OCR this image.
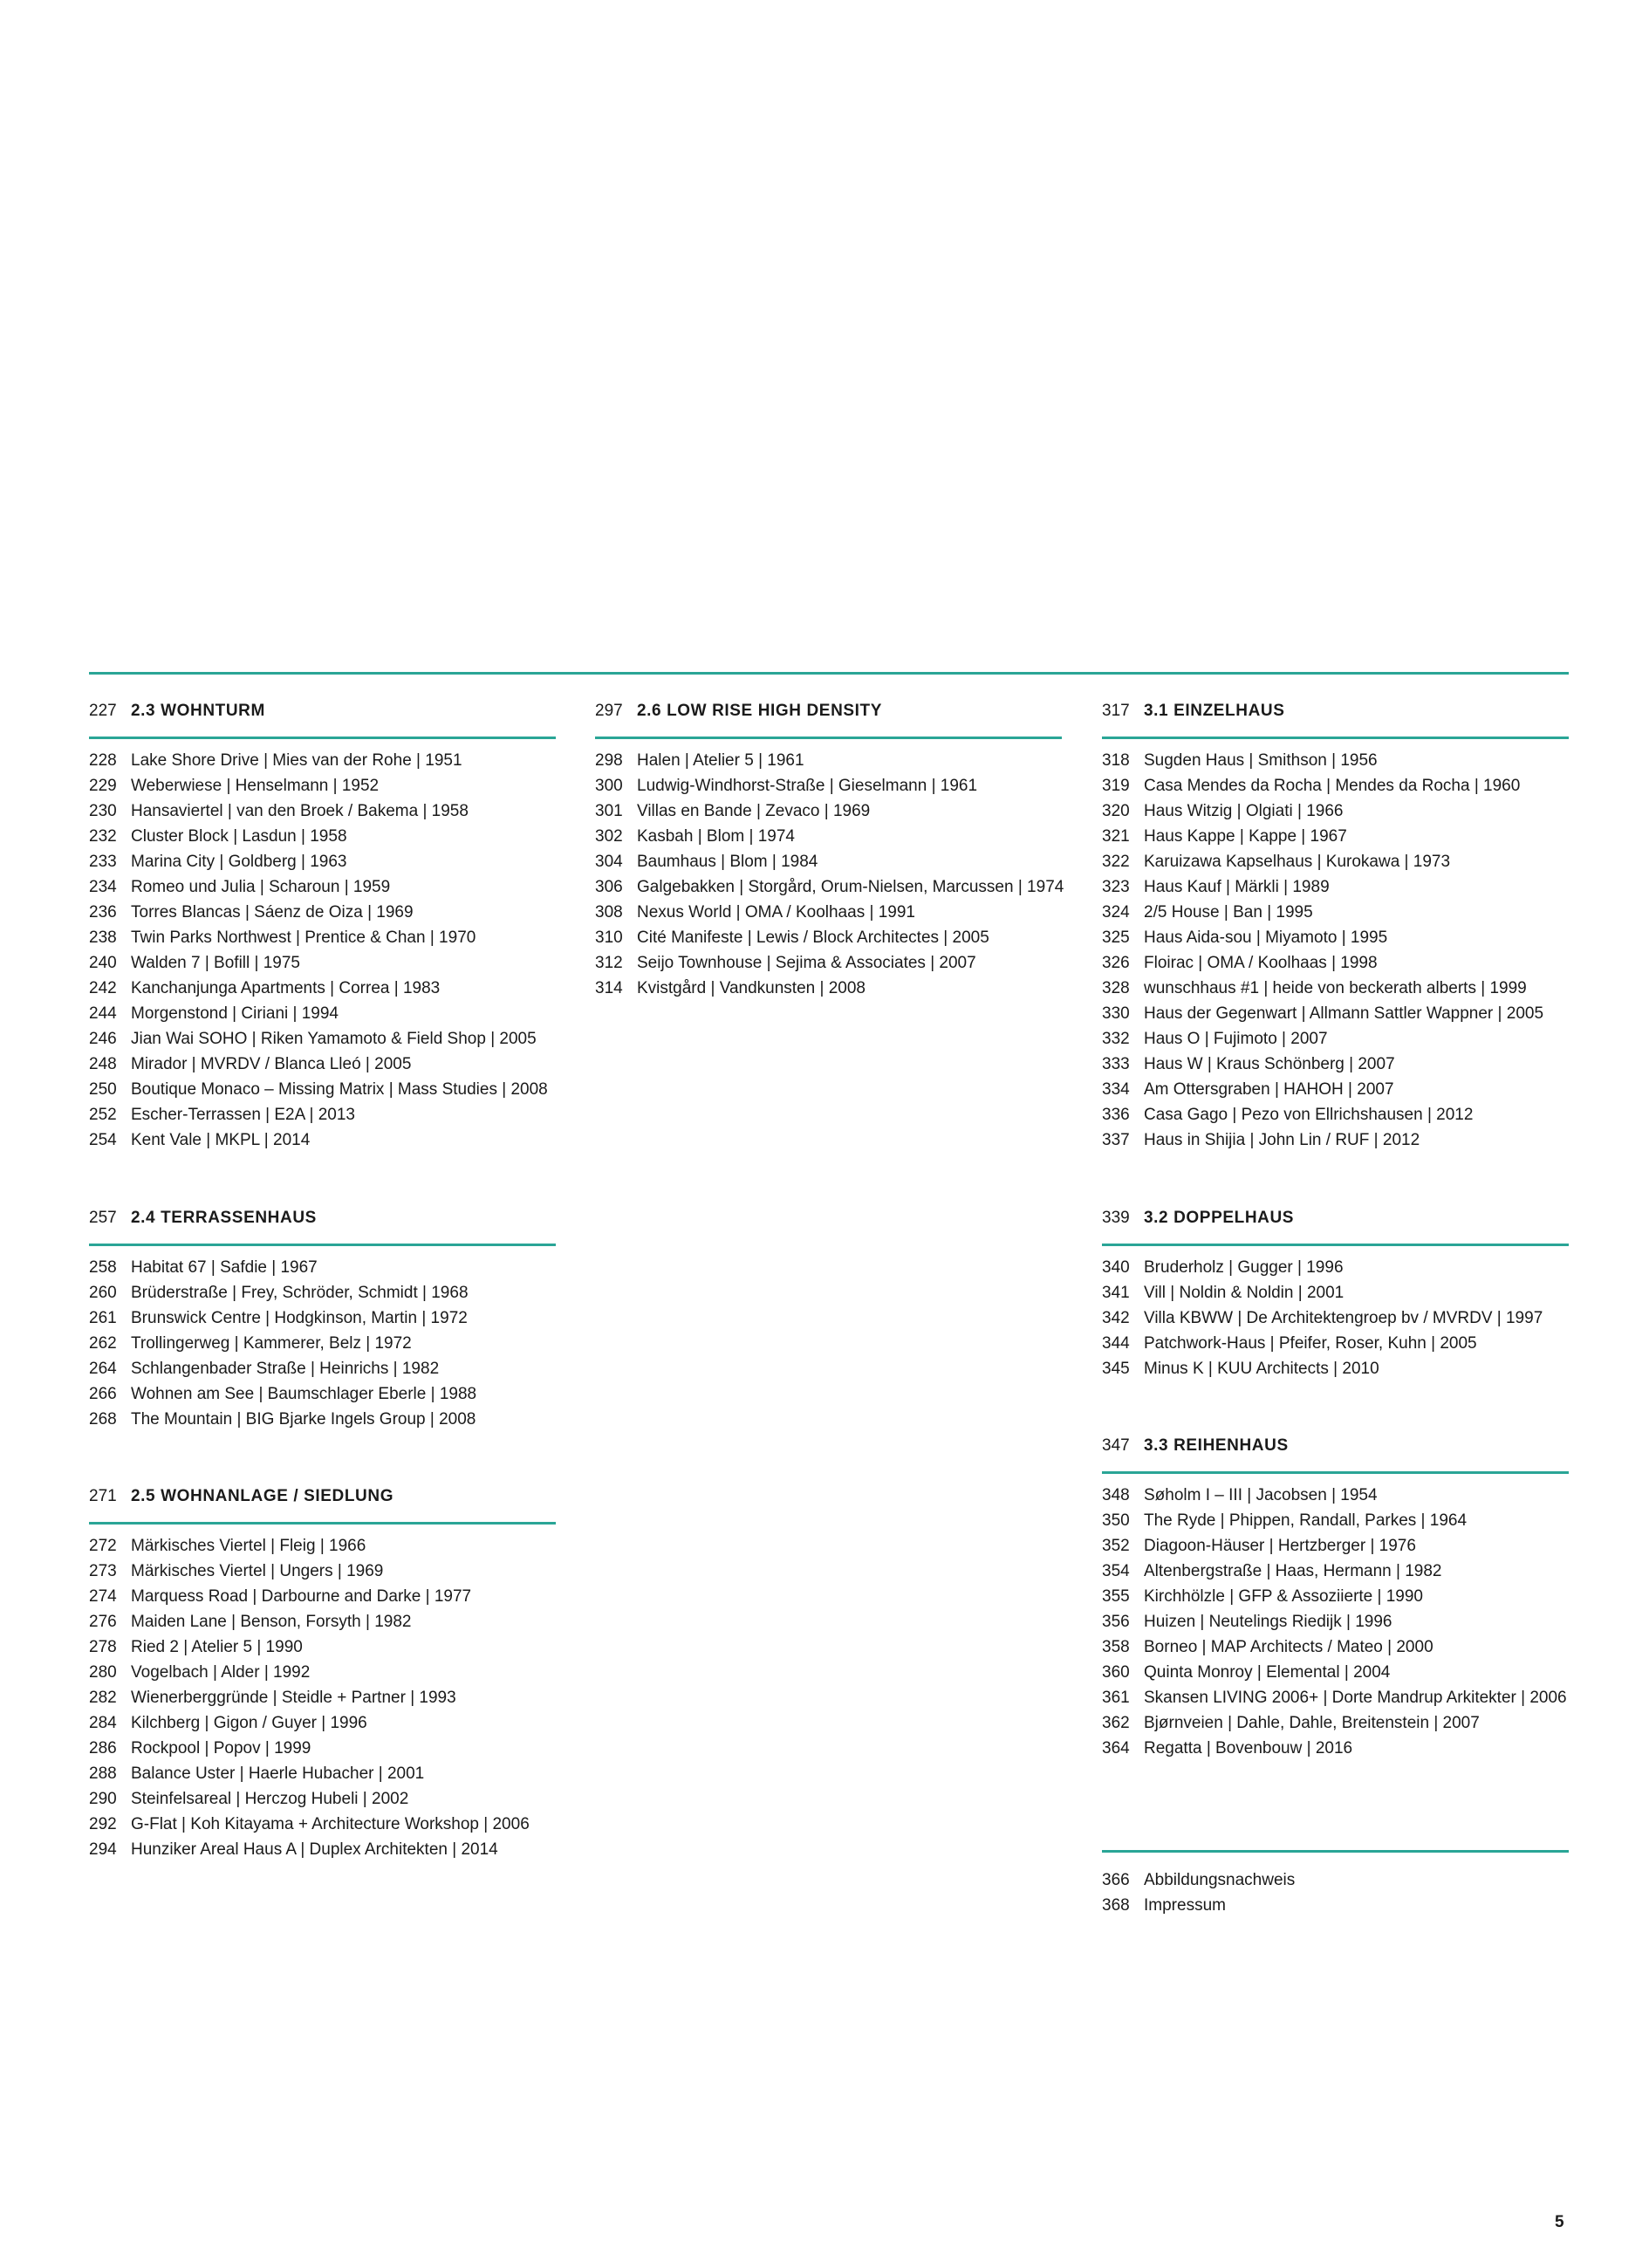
227 2.3 WOHNTURM
228 Lake Shore Drive | Mies van der Rohe | 1951
229 Weberwiese | Henselmann | 1952
230 Hansaviertel | van den Broek / Bakema | 1958
232 Cluster Block | Lasdun | 1958
233 Marina City | Goldberg | 1963
234 Romeo und Julia | Scharoun | 1959
236 Torres Blancas | Sáenz de Oiza | 1969
238 Twin Parks Northwest | Prentice & Chan | 1970
240 Walden 7 | Bofill | 1975
242 Kanchanjunga Apartments | Correa | 1983
244 Morgenstond | Ciriani | 1994
246 Jian Wai SOHO | Riken Yamamoto & Field Shop | 2005
248 Mirador | MVRDV / Blanca Lleó | 2005
250 Boutique Monaco – Missing Matrix | Mass Studies | 2008
252 Escher-Terrassen | E2A | 2013
254 Kent Vale | MKPL | 2014
257 2.4 TERRASSENHAUS
258 Habitat 67 | Safdie | 1967
260 Brüderstraße | Frey, Schröder, Schmidt | 1968
261 Brunswick Centre | Hodgkinson, Martin | 1972
262 Trollingerweg | Kammerer, Belz | 1972
264 Schlangenbader Straße | Heinrichs | 1982
266 Wohnen am See | Baumschlager Eberle | 1988
268 The Mountain | BIG Bjarke Ingels Group | 2008
271 2.5 WOHNANLAGE / SIEDLUNG
272 Märkisches Viertel | Fleig | 1966
273 Märkisches Viertel | Ungers | 1969
274 Marquess Road | Darbourne and Darke | 1977
276 Maiden Lane | Benson, Forsyth | 1982
278 Ried 2 | Atelier 5 | 1990
280 Vogelbach | Alder | 1992
282 Wienerberggründe | Steidle + Partner | 1993
284 Kilchberg | Gigon / Guyer | 1996
286 Rockpool | Popov | 1999
288 Balance Uster | Haerle Hubacher | 2001
290 Steinfelsareal | Herczog Hubeli | 2002
292 G-Flat | Koh Kitayama + Architecture Workshop | 2006
294 Hunziker Areal Haus A | Duplex Architekten | 2014
297 2.6 LOW RISE HIGH DENSITY
298 Halen | Atelier 5 | 1961
300 Ludwig-Windhorst-Straße | Gieselmann | 1961
301 Villas en Bande | Zevaco | 1969
302 Kasbah | Blom | 1974
304 Baumhaus | Blom | 1984
306 Galgebakken | Storgård, Orum-Nielsen, Marcussen | 1974
308 Nexus World | OMA / Koolhaas | 1991
310 Cité Manifeste | Lewis / Block Architectes | 2005
312 Seijo Townhouse | Sejima & Associates | 2007
314 Kvistgård | Vandkunsten | 2008
317 3.1 EINZELHAUS
318 Sugden Haus | Smithson | 1956
319 Casa Mendes da Rocha | Mendes da Rocha | 1960
320 Haus Witzig | Olgiati | 1966
321 Haus Kappe | Kappe | 1967
322 Karuizawa Kapselhaus | Kurokawa | 1973
323 Haus Kauf | Märkli | 1989
324 2/5 House | Ban | 1995
325 Haus Aida-sou | Miyamoto | 1995
326 Floirac | OMA / Koolhaas | 1998
328 wunschhaus #1 | heide von beckerath alberts | 1999
330 Haus der Gegenwart | Allmann Sattler Wappner | 2005
332 Haus O | Fujimoto | 2007
333 Haus W | Kraus Schönberg | 2007
334 Am Ottersgraben | HAHOH | 2007
336 Casa Gago | Pezo von Ellrichshausen | 2012
337 Haus in Shijia | John Lin / RUF | 2012
339 3.2 DOPPELHAUS
340 Bruderholz | Gugger | 1996
341 Vill | Noldin & Noldin | 2001
342 Villa KBWW | De Architektengroep bv / MVRDV | 1997
344 Patchwork-Haus | Pfeifer, Roser, Kuhn | 2005
345 Minus K | KUU Architects | 2010
347 3.3 REIHENHAUS
348 Søholm I – III | Jacobsen | 1954
350 The Ryde | Phippen, Randall, Parkes | 1964
352 Diagoon-Häuser | Hertzberger | 1976
354 Altenbergstraße | Haas, Hermann | 1982
355 Kirchhölzle | GFP & Assoziierte | 1990
356 Huizen | Neutelings Riedijk | 1996
358 Borneo | MAP Architects / Mateo | 2000
360 Quinta Monroy | Elemental | 2004
361 Skansen LIVING 2006+ | Dorte Mandrup Arkitekter | 2006
362 Bjørnveien | Dahle, Dahle, Breitenstein | 2007
364 Regatta | Bovenbouw | 2016
366 Abbildungsnachweis
368 Impressum
5
